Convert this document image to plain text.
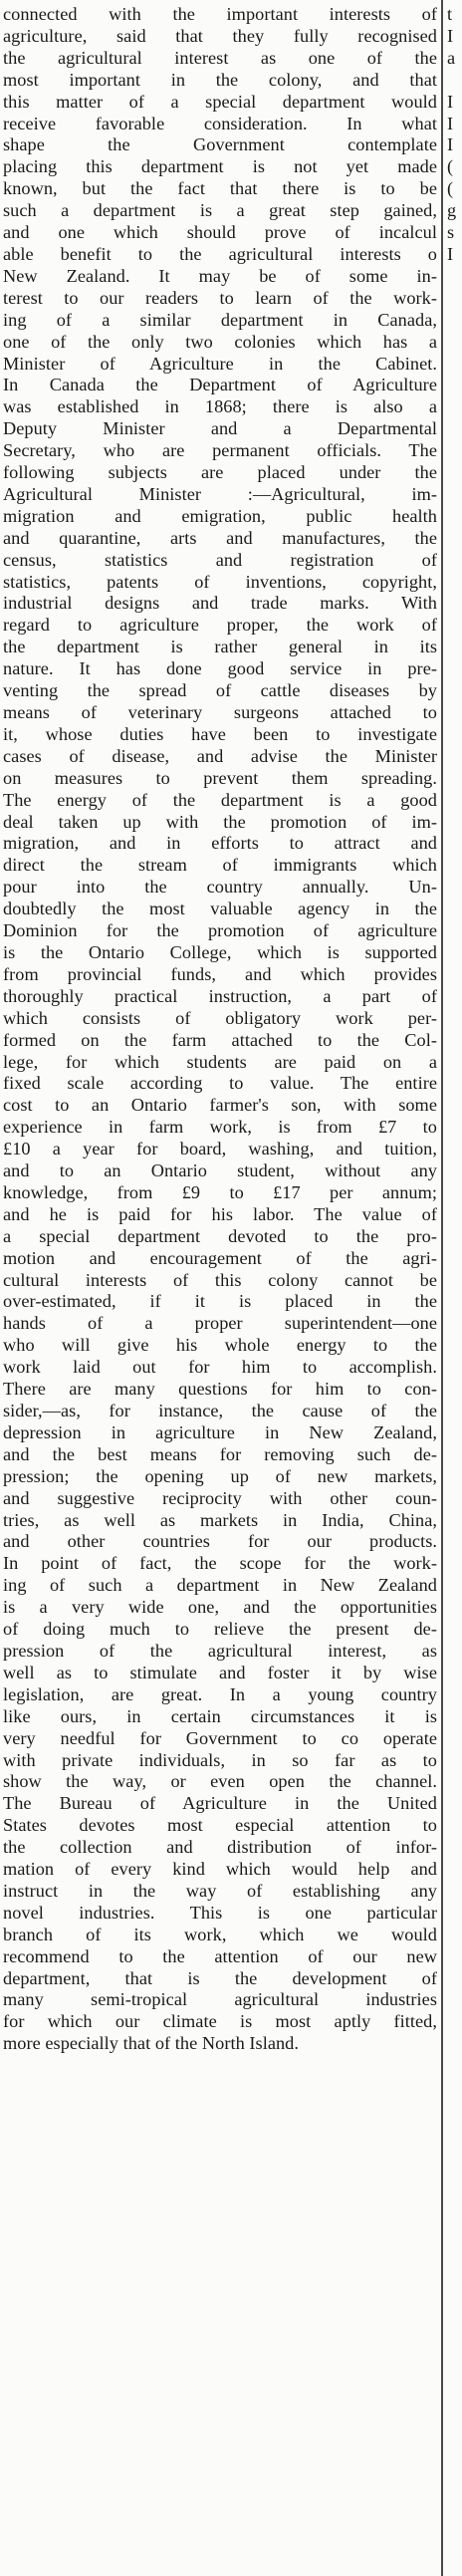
connected with the important interests of
agriculture, said that they fully recognised
the agricultural interest as one of the
most important in the colony, and that
this matter of a special department would
receive favorable consideration. In what
shape the Government contemplate
placing this department is not yet made
known, but the fact that there is to be
such a department is a great step gained,
and one which should prove of incalcul
able benefit to the agricultural interests o
New Zealand. It may be of some in-
terest to our readers to learn of the work-
ing of a similar department in Canada,
one of the only two colonies which has a
Minister of Agriculture in the Cabinet.
In Canada the Department of Agriculture
was established in 1868; there is also a
Deputy Minister and a Departmental
Secretary, who are permanent officials. The
following subjects are placed under the
Agricultural Minister :—Agricultural, im-
migration and emigration, public health
and quarantine, arts and manufactures, the
census, statistics and registration of
statistics, patents of inventions, copyright,
industrial designs and trade marks. With
regard to agriculture proper, the work of
the department is rather general in its
nature. It has done good service in pre-
venting the spread of cattle diseases by
means of veterinary surgeons attached to
it, whose duties have been to investigate
cases of disease, and advise the Minister
on measures to prevent them spreading.
The energy of the department is a good
deal taken up with the promotion of im-
migration, and in efforts to attract and
direct the stream of immigrants which
pour into the country annually. Un-
doubtedly the most valuable agency in the
Dominion for the promotion of agriculture
is the Ontario College, which is supported
from provincial funds, and which provides
thoroughly practical instruction, a part of
which consists of obligatory work per-
formed on the farm attached to the Col-
lege, for which students are paid on a
fixed scale according to value. The entire
cost to an Ontario farmer's son, with some
experience in farm work, is from £7 to
£10 a year for board, washing, and tuition,
and to an Ontario student, without any
knowledge, from £9 to £17 per annum;
and he is paid for his labor. The value of
a special department devoted to the pro-
motion and encouragement of the agri-
cultural interests of this colony cannot be
over-estimated, if it is placed in the
hands of a proper superintendent—one
who will give his whole energy to the
work laid out for him to accomplish.
There are many questions for him to con-
sider,—as, for instance, the cause of the
depression in agriculture in New Zealand,
and the best means for removing such de-
pression; the opening up of new markets,
and suggestive reciprocity with other coun-
tries, as well as markets in India, China,
and other countries for our products.
In point of fact, the scope for the work-
ing of such a department in New Zealand
is a very wide one, and the opportunities
of doing much to relieve the present de-
pression of the agricultural interest, as
well as to stimulate and foster it by wise
legislation, are great. In a young country
like ours, in certain circumstances it is
very needful for Government to co operate
with private individuals, in so far as to
show the way, or even open the channel.
The Bureau of Agriculture in the United
States devotes most especial attention to
the collection and distribution of infor-
mation of every kind which would help and
instruct in the way of establishing any
novel industries. This is one particular
branch of its work, which we would
recommend to the attention of our new
department, that is the development of
many semi-tropical agricultural industries
for which our climate is most aptly fitted,
more especially that of the North Island.
t
I
a
I
I
I
(
(
g
s
I
